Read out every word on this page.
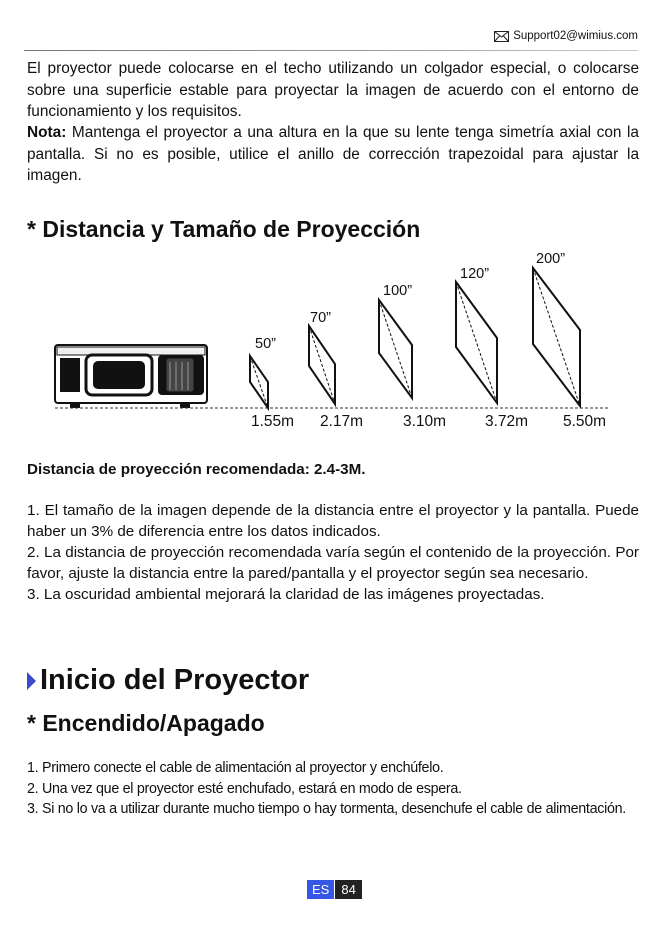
Support02@wimius.com

El proyector puede colocarse en el techo utilizando un colgador especial, o colocarse sobre una superficie estable para proyectar la imagen de acuerdo con el entorno de funcionamiento y los requisitos.

Nota: Mantenga el proyector a una altura en la que su lente tenga simetría axial con la pantalla. Si no es posible, utilice el anillo de corrección trapezoidal para ajustar la imagen.

* Distancia y Tamaño de Proyección
50”
70”
100”
120”
200”
1.55m 2.17m	3.10m	3.72m 5.50m

Distancia de proyección recomendada: 2.4-3M.

1. El tamaño de la imagen depende de la distancia entre el proyector y la pantalla. Puede haber un 3% de diferencia entre los datos indicados.
2. La distancia de proyección recomendada varía según el contenido de la proyección. Por favor, ajuste la distancia entre la pared/pantalla y el proyector según sea necesario.
3. La oscuridad ambiental mejorará la claridad de las imágenes proyectadas.
Inicio del Proyector
* Encendido/Apagado
1. Primero conecte el cable de alimentación al proyector y enchúfelo.
2. Una vez que el proyector esté enchufado, estará en modo de espera.
3. Si no lo va a utilizar durante mucho tiempo o hay tormenta, desenchufe el cable de alimentación.
ES 84
